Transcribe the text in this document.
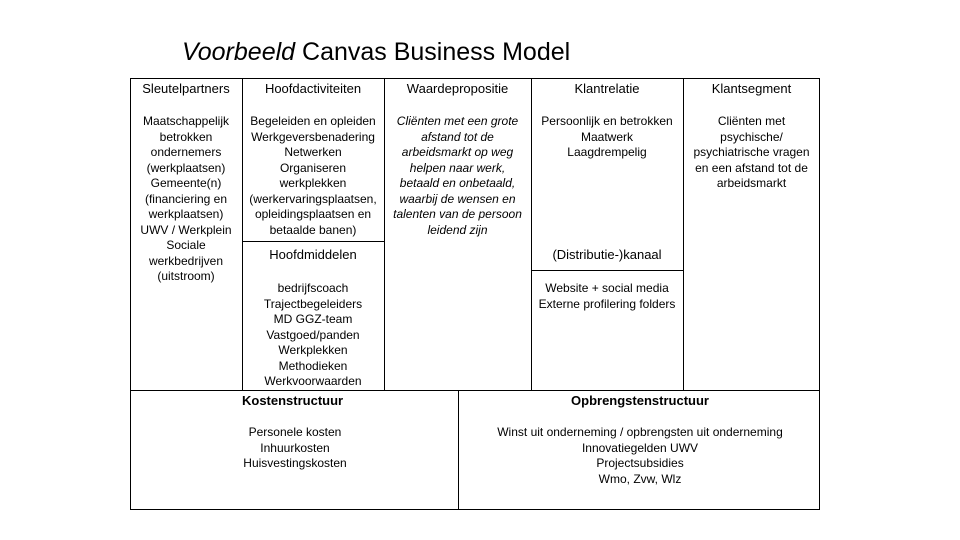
Voorbeeld Canvas Business Model
Sleutelpartners
Maatschappelijk
betrokken
ondernemers
(werkplaatsen)
Gemeente(n)
(financiering en
werkplaatsen)
UWV / Werkplein
Sociale
werkbedrijven
(uitstroom)
Hoofdactiviteiten
Begeleiden en opleiden
Werkgeversbenadering
Netwerken
Organiseren
werkplekken
(werkervaringsplaatsen,
opleidingsplaatsen en
betaalde banen)
Hoofdmiddelen
bedrijfscoach
Trajectbegeleiders
MD GGZ-team
Vastgoed/panden
Werkplekken
Methodieken
Werkvoorwaarden
Waardepropositie
Cliënten met een grote
afstand tot de
arbeidsmarkt op weg
helpen naar werk,
betaald en onbetaald,
waarbij de wensen en
talenten van de persoon
leidend zijn
Klantrelatie
Persoonlijk en betrokken
Maatwerk
Laagdrempelig
(Distributie-)kanaal
Website + social media
Externe profilering folders
Klantsegment
Cliënten met
psychische/
psychiatrische vragen
en een afstand tot de
arbeidsmarkt
Kostenstructuur
Personele kosten
Inhuurkosten
Huisvestingskosten
Opbrengstenstructuur
Winst uit onderneming / opbrengsten uit onderneming
Innovatiegelden UWV
Projectsubsidies
Wmo, Zvw, Wlz
